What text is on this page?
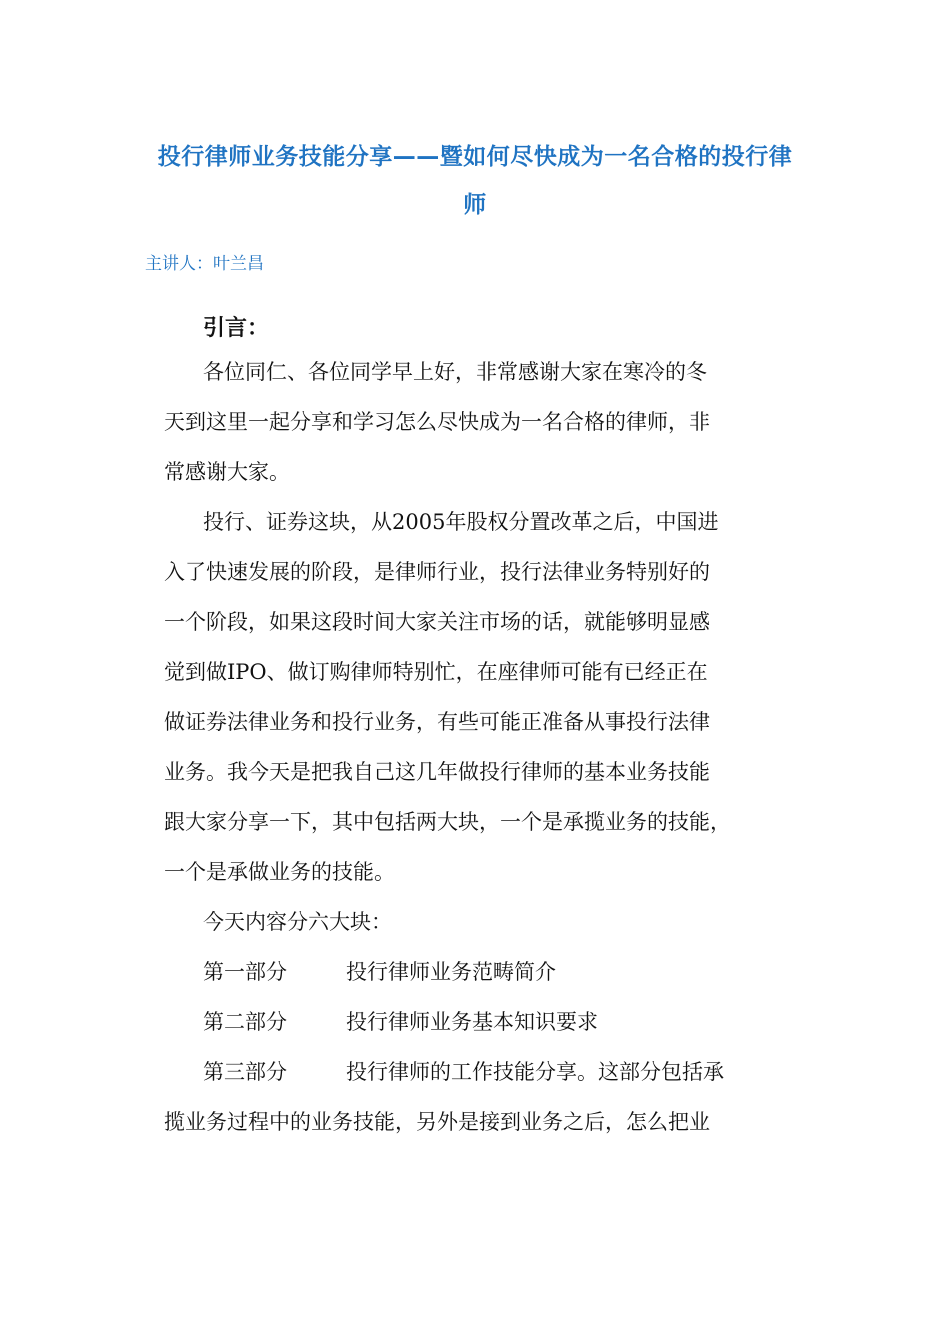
投行律师业务技能分享——暨如何尽快成为一名合格的投行律
师
主讲人：叶兰昌
引言：
各位同仁、各位同学早上好，非常感谢大家在寒冷的冬
天到这里一起分享和学习怎么尽快成为一名合格的律师，非
常感谢大家。
投行、证券这块，从2005年股权分置改革之后，中国进
入了快速发展的阶段，是律师行业，投行法律业务特别好的
一个阶段，如果这段时间大家关注市场的话，就能够明显感
觉到做IPO、做订购律师特别忙，在座律师可能有已经正在
做证券法律业务和投行业务，有些可能正准备从事投行法律
业务。我今天是把我自己这几年做投行律师的基本业务技能
跟大家分享一下，其中包括两大块，一个是承揽业务的技能，
一个是承做业务的技能。
今天内容分六大块：
第一部分	投行律师业务范畴简介
第二部分	投行律师业务基本知识要求
第三部分	投行律师的工作技能分享。这部分包括承
揽业务过程中的业务技能，另外是接到业务之后，怎么把业
